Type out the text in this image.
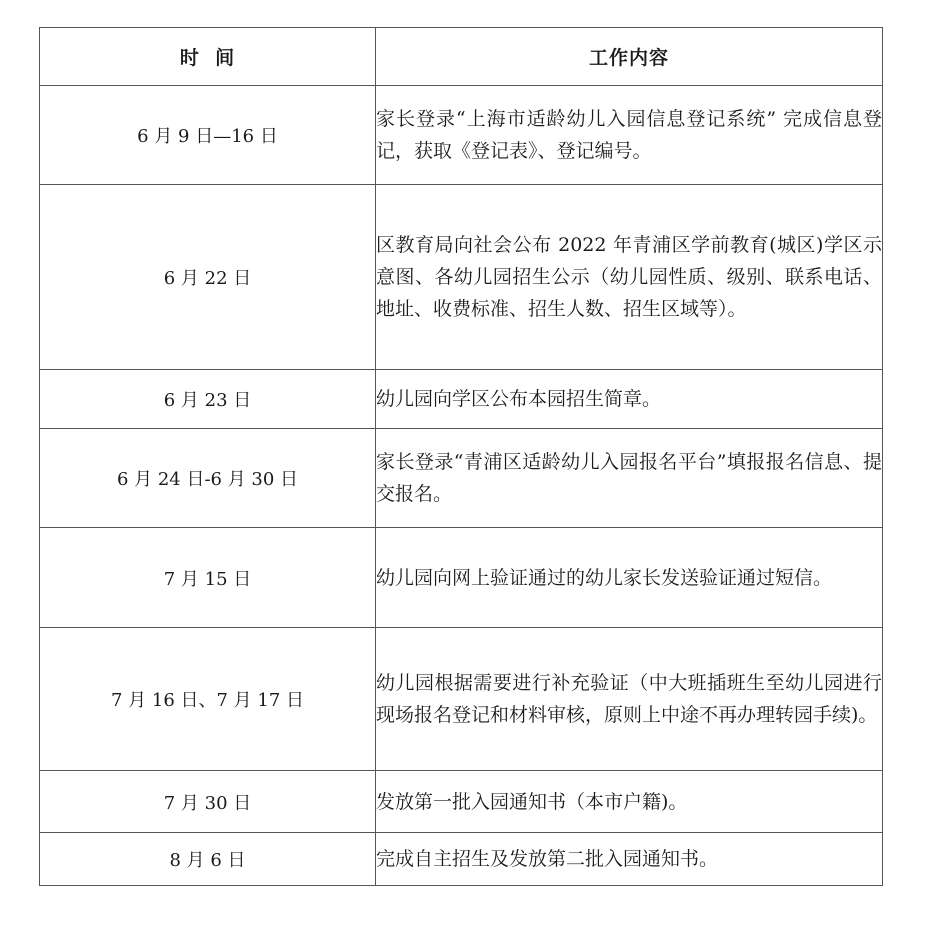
时  间	工作内容
6 月 9 日—16 日	家长登录“上海市适龄幼儿入园信息登记系统” 完成信息登记，获取《登记表》、登记编号。
6 月 22 日	区教育局向社会公布 2022 年青浦区学前教育(城区)学区示意图、各幼儿园招生公示（幼儿园性质、级别、联系电话、地址、收费标准、招生人数、招生区域等）。
6 月 23 日	幼儿园向学区公布本园招生简章。
6 月 24 日-6 月 30 日	家长登录“青浦区适龄幼儿入园报名平台”填报报名信息、提交报名。
7 月 15 日	幼儿园向网上验证通过的幼儿家长发送验证通过短信。
7 月 16 日、7 月 17 日	幼儿园根据需要进行补充验证（中大班插班生至幼儿园进行现场报名登记和材料审核，原则上中途不再办理转园手续)。
7 月 30 日	发放第一批入园通知书（本市户籍)。
8 月 6 日	完成自主招生及发放第二批入园通知书。
